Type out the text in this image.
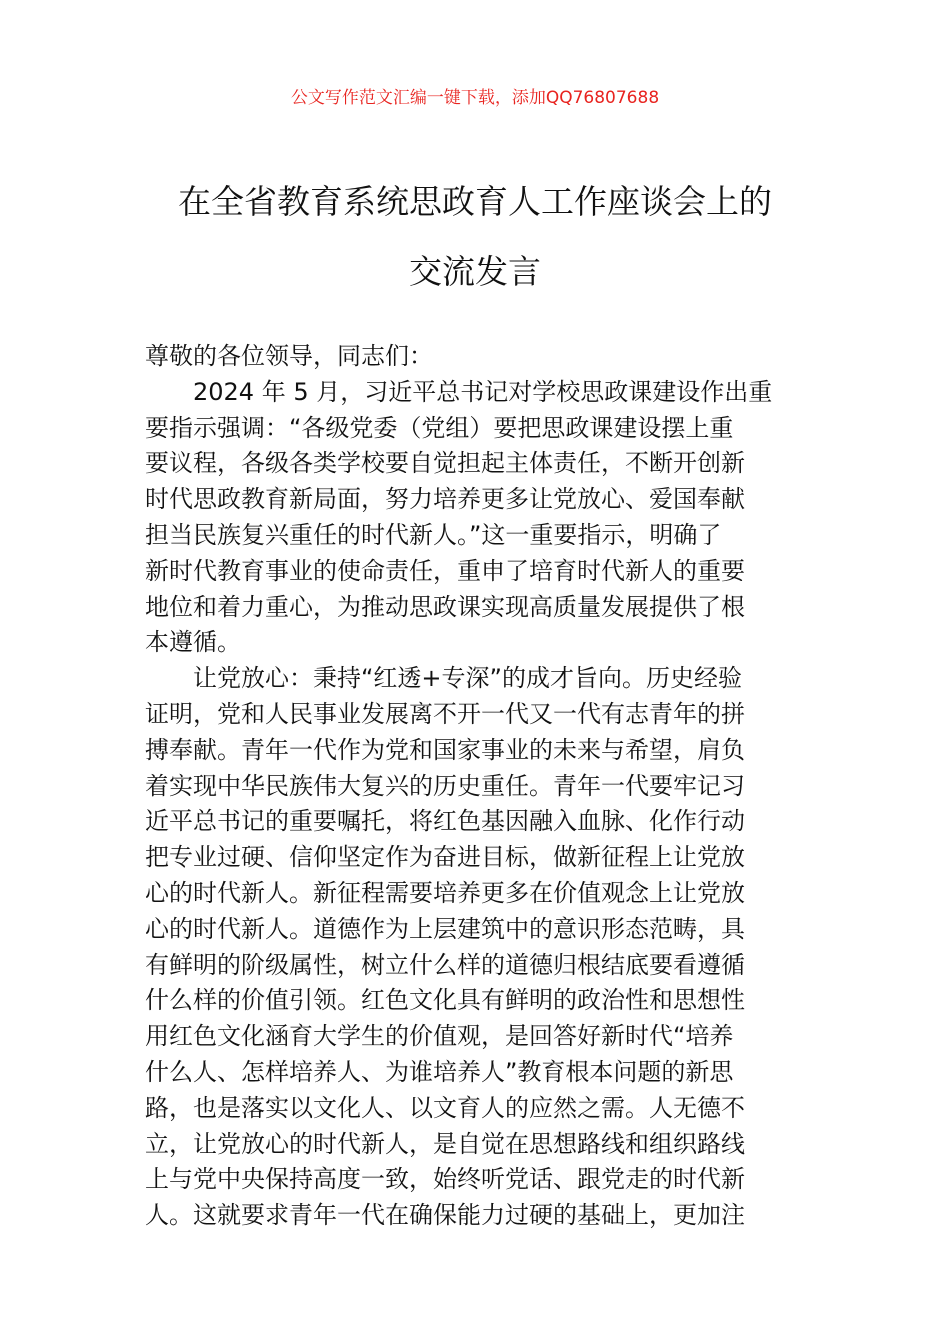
公文写作范文汇编一键下载，添加QQ76807688
在全省教育系统思政育人工作座谈会上的
交流发言
尊敬的各位领导，同志们：
2024 年 5 月，习近平总书记对学校思政课建设作出重
要指示强调：“各级党委（党组）要把思政课建设摆上重
要议程，各级各类学校要自觉担起主体责任，不断开创新
时代思政教育新局面，努力培养更多让党放心、爱国奉献
担当民族复兴重任的时代新人。”这一重要指示，明确了
新时代教育事业的使命责任，重申了培育时代新人的重要
地位和着力重心，为推动思政课实现高质量发展提供了根
本遵循。
让党放心：秉持“红透+专深”的成才旨向。历史经验
证明，党和人民事业发展离不开一代又一代有志青年的拼
搏奉献。青年一代作为党和国家事业的未来与希望，肩负
着实现中华民族伟大复兴的历史重任。青年一代要牢记习
近平总书记的重要嘱托，将红色基因融入血脉、化作行动
把专业过硬、信仰坚定作为奋进目标，做新征程上让党放
心的时代新人。新征程需要培养更多在价值观念上让党放
心的时代新人。道德作为上层建筑中的意识形态范畴，具
有鲜明的阶级属性，树立什么样的道德归根结底要看遵循
什么样的价值引领。红色文化具有鲜明的政治性和思想性
用红色文化涵育大学生的价值观，是回答好新时代“培养
什么人、怎样培养人、为谁培养人”教育根本问题的新思
路，也是落实以文化人、以文育人的应然之需。人无德不
立，让党放心的时代新人，是自觉在思想路线和组织路线
上与党中央保持高度一致，始终听党话、跟党走的时代新
人。这就要求青年一代在确保能力过硬的基础上，更加注
